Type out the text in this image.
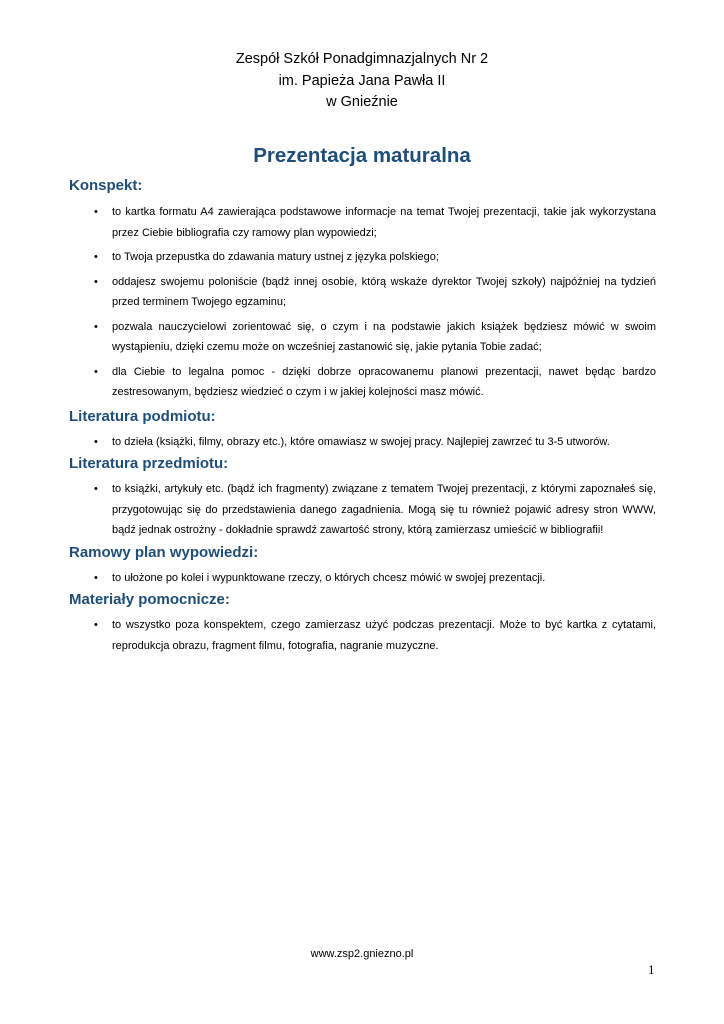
Zespół Szkół Ponadgimnazjalnych Nr 2
im. Papieża Jana Pawła II
w Gnieźnie
Prezentacja maturalna
Konspekt:
• to kartka formatu A4 zawierająca podstawowe informacje na temat Twojej prezentacji, takie jak wykorzystana przez Ciebie bibliografia czy ramowy plan wypowiedzi;
• to Twoja przepustka do zdawania matury ustnej z języka polskiego;
• oddajesz swojemu poloniście (bądź innej osobie, którą wskaże dyrektor Twojej szkoły) najpóźniej na tydzień przed terminem Twojego egzaminu;
• pozwala nauczycielowi zorientować się, o czym i na podstawie jakich książek będziesz mówić w swoim wystąpieniu, dzięki czemu może on wcześniej zastanowić się, jakie pytania Tobie zadać;
• dla Ciebie to legalna pomoc - dzięki dobrze opracowanemu planowi prezentacji, nawet będąc bardzo zestresowanym, będziesz wiedzieć o czym i w jakiej kolejności masz mówić.
Literatura podmiotu:
• to dzieła (książki, filmy, obrazy etc.), które omawiasz w swojej pracy. Najlepiej zawrzeć tu 3-5 utworów.
Literatura przedmiotu:
• to książki, artykuły etc. (bądź ich fragmenty) związane z tematem Twojej prezentacji, z którymi zapoznałeś się, przygotowując się do przedstawienia danego zagadnienia. Mogą się tu również pojawić adresy stron WWW, bądź jednak ostrożny - dokładnie sprawdź zawartość strony, którą zamierzasz umieścić w bibliografii!
Ramowy plan wypowiedzi:
• to ułożone po kolei i wypunktowane rzeczy, o których chcesz mówić w swojej prezentacji.
Materiały pomocnicze:
• to wszystko poza konspektem, czego zamierzasz użyć podczas prezentacji. Może to być kartka z cytatami, reprodukcja obrazu, fragment filmu, fotografia, nagranie muzyczne.
www.zsp2.gniezno.pl
1
